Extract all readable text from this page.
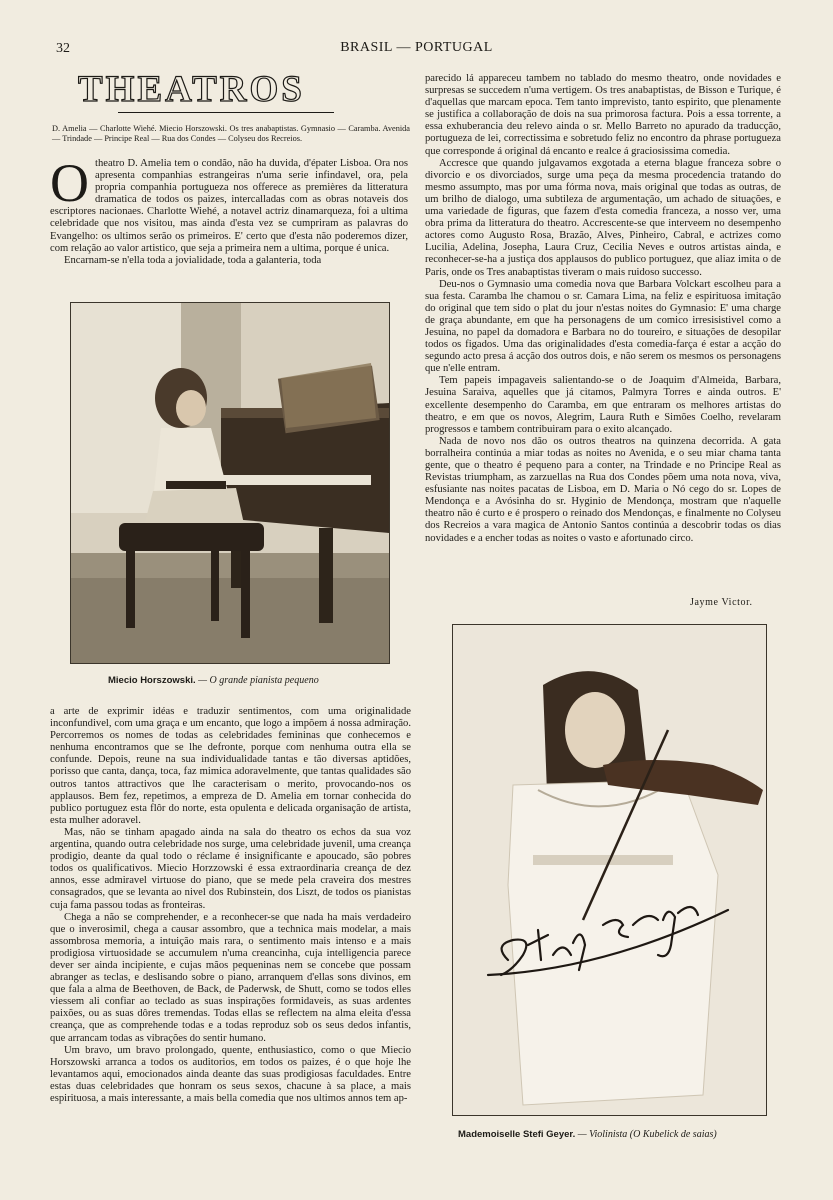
32	BRASIL — PORTUGAL
THEATROS
D. Amelia — Charlotte Wiehé. Miecio Horszowski. Os tres anabaptistas. Gymnasio — Caramba. Avenida — Trindade — Principe Real — Rua dos Condes — Colyseu dos Recreios.
O theatro D. Amelia tem o condão, não ha duvida, d'épater Lisboa. Ora nos apresenta companhias estrangeiras n'uma serie infindavel, ora, pela propria companhia portugueza nos offerece as premières da litteratura dramatica de todos os paizes, intercalladas com as obras notaveis dos escriptores nacionaes. Charlotte Wiehé, a notavel actriz dinamarqueza, foi a ultima celebridade que nos visitou, mas ainda d'esta vez se cumpriram as palavras do Evangelho: os ultimos serão os primeiros. E' certo que d'esta não poderemos dizer, com relação ao valor artistico, que seja a primeira nem a ultima, porque é unica.

Encarnam-se n'ella toda a jovialidade, toda a galanteria, toda

Miecio Horszowski. — O grande pianista pequeno

a arte de exprimir idéas e traduzir sentimentos, com uma originalidade inconfundivel, com uma graça e um encanto, que logo a impõem á nossa admiração. Percorremos os nomes de todas as celebridades femininas que conhecemos e nenhuma encontramos que se lhe defronte, porque com nenhuma outra ella se confunde. Depois, reune na sua individualidade tantas e tão diversas aptidões, porisso que canta, dança, toca, faz mimica adoravelmente, que tantas qualidades são outros tantos attractivos que lhe caracterisam o merito, provocando-nos os applausos. Bem fez, repetimos, a empreza de D. Amelia em tornar conhecida do publico portuguez esta flôr do norte, esta opulenta e delicada organisação de artista, esta mulher adoravel.

Mas, não se tinham apagado ainda na sala do theatro os echos da sua voz argentina, quando outra celebridade nos surge, uma celebridade juvenil, uma creança prodigio, deante da qual todo o réclame é insignificante e apoucado, são pobres todos os qualificativos. Miecio Horzzowski é essa extraordinaria creança de dez annos, esse admiravel virtuose do piano, que se mede pela craveira dos mestres consagrados, que se levanta ao nivel dos Rubinstein, dos Liszt, de todos os pianistas cuja fama passou todas as fronteiras.

Chega a não se comprehender, e a reconhecer-se que nada ha mais verdadeiro que o inverosimil, chega a causar assombro, que a technica mais modelar, a mais assombrosa memoria, a intuição mais rara, o sentimento mais intenso e a mais prodigiosa virtuosidade se accumulem n'uma creancinha, cuja intelligencia parece dever ser ainda incipiente, e cujas mãos pequeninas nem se concebe que possam abranger as teclas, e deslisando sobre o piano, arranquem d'ellas sons divinos, em que fala a alma de Beethoven, de Back, de Paderwsk, de Shutt, como se todos elles viessem ali confiar ao teclado as suas inspirações formidaveis, as suas ardentes paixões, ou as suas dôres tremendas. Todas ellas se reflectem na alma eleita d'essa creança, que as comprehende todas e a todas reproduz sob os seus dedos infantis, que arrancam todas as vibrações do sentir humano.

Um bravo, um bravo prolongado, quente, enthusiastico, como o que Miecio Horszowski arranca a todos os auditorios, em todos os paizes, é o que hoje lhe levantamos aqui, emocionados ainda deante das suas prodigiosas faculdades. Entre estas duas celebridades que honram os seus sexos, chacune à sa place, a mais espirituosa, a mais interessante, a mais bella comedia que nos ultimos annos tem ap-

parecido lá appareceu tambem no tablado do mesmo theatro, onde novidades e surpresas se succedem n'uma vertigem. Os tres anabaptistas, de Bisson e Turique, é d'aquellas que marcam epoca. Tem tanto imprevisto, tanto espirito, que plenamente se justifica a collaboração de dois na sua primorosa factura. Pois a essa torrente, a essa exhuberancia deu relevo ainda o sr. Mello Barreto no apurado da traducção, portugueza de lei, correctissima e sobretudo feliz no encontro da phrase portugueza que corresponde á original dá encanto e realce á graciosissima comedia.

Accresce que quando julgavamos exgotada a eterna blague franceza sobre o divorcio e os divorciados, surge uma peça da mesma procedencia tratando do mesmo assumpto, mas por uma fórma nova, mais original que todas as outras, de um brilho de dialogo, uma subtileza de argumentação, um achado de situações, e uma variedade de figuras, que fazem d'esta comedia franceza, a nosso ver, uma obra prima da litteratura do theatro. Accrescente-se que interveem no desempenho actores como Augusto Rosa, Brazão, Alves, Pinheiro, Cabral, e actrizes como Lucilia, Adelina, Josepha, Laura Cruz, Cecilia Neves e outros artistas ainda, e reconhecer-se-ha a justiça dos applausos do publico portuguez, que aliaz imita o de Paris, onde os Tres anabaptistas tiveram o mais ruidoso successo.

Deu-nos o Gymnasio uma comedia nova que Barbara Volckart escolheu para a sua festa. Caramba lhe chamou o sr. Camara Lima, na feliz e espirituosa imitação do original que tem sido o plat du jour n'estas noites do Gymnasio: E' uma charge de graça abundante, em que ha personagens de um comico irresisistivel como a Jesuina, no papel da domadora e Barbara no do toureiro, e situações de desopilar todos os figados. Uma das originalidades d'esta comedia-farça é estar a acção do segundo acto presa á acção dos outros dois, e não serem os mesmos os personagens que n'elle entram.

Tem papeis impagaveis salientando-se o de Joaquim d'Almeida, Barbara, Jesuina Saraiva, aquelles que já citamos, Palmyra Torres e ainda outros. E' excellente desempenho do Caramba, em que entraram os melhores artistas do theatro, e em que os novos, Alegrim, Laura Ruth e Simões Coelho, revelaram progressos e tambem contribuiram para o exito alcançado.

Nada de novo nos dão os outros theatros na quinzena decorrida. A gata borralheira continúa a miar todas as noites no Avenida, e o seu miar chama tanta gente, que o theatro é pequeno para a conter, na Trindade e no Principe Real as Revistas triumpham, as zarzuellas na Rua dos Condes põem uma nota nova, viva, esfusiante nas noites pacatas de Lisboa, em D. Maria o Nó cego do sr. Lopes de Mendonça e a Avósinha do sr. Hyginio de Mendonça, mostram que n'aquelle theatro não é curto e é prospero o reinado dos Mendonças, e finalmente no Colyseu dos Recreios a vara magica de Antonio Santos continúa a descobrir todas os dias novidades e a encher todas as noites o vasto e afortunado circo.

Jayme Victor.
Mademoiselle Stefi Geyer. — Violinista (O Kubelick de saias)
